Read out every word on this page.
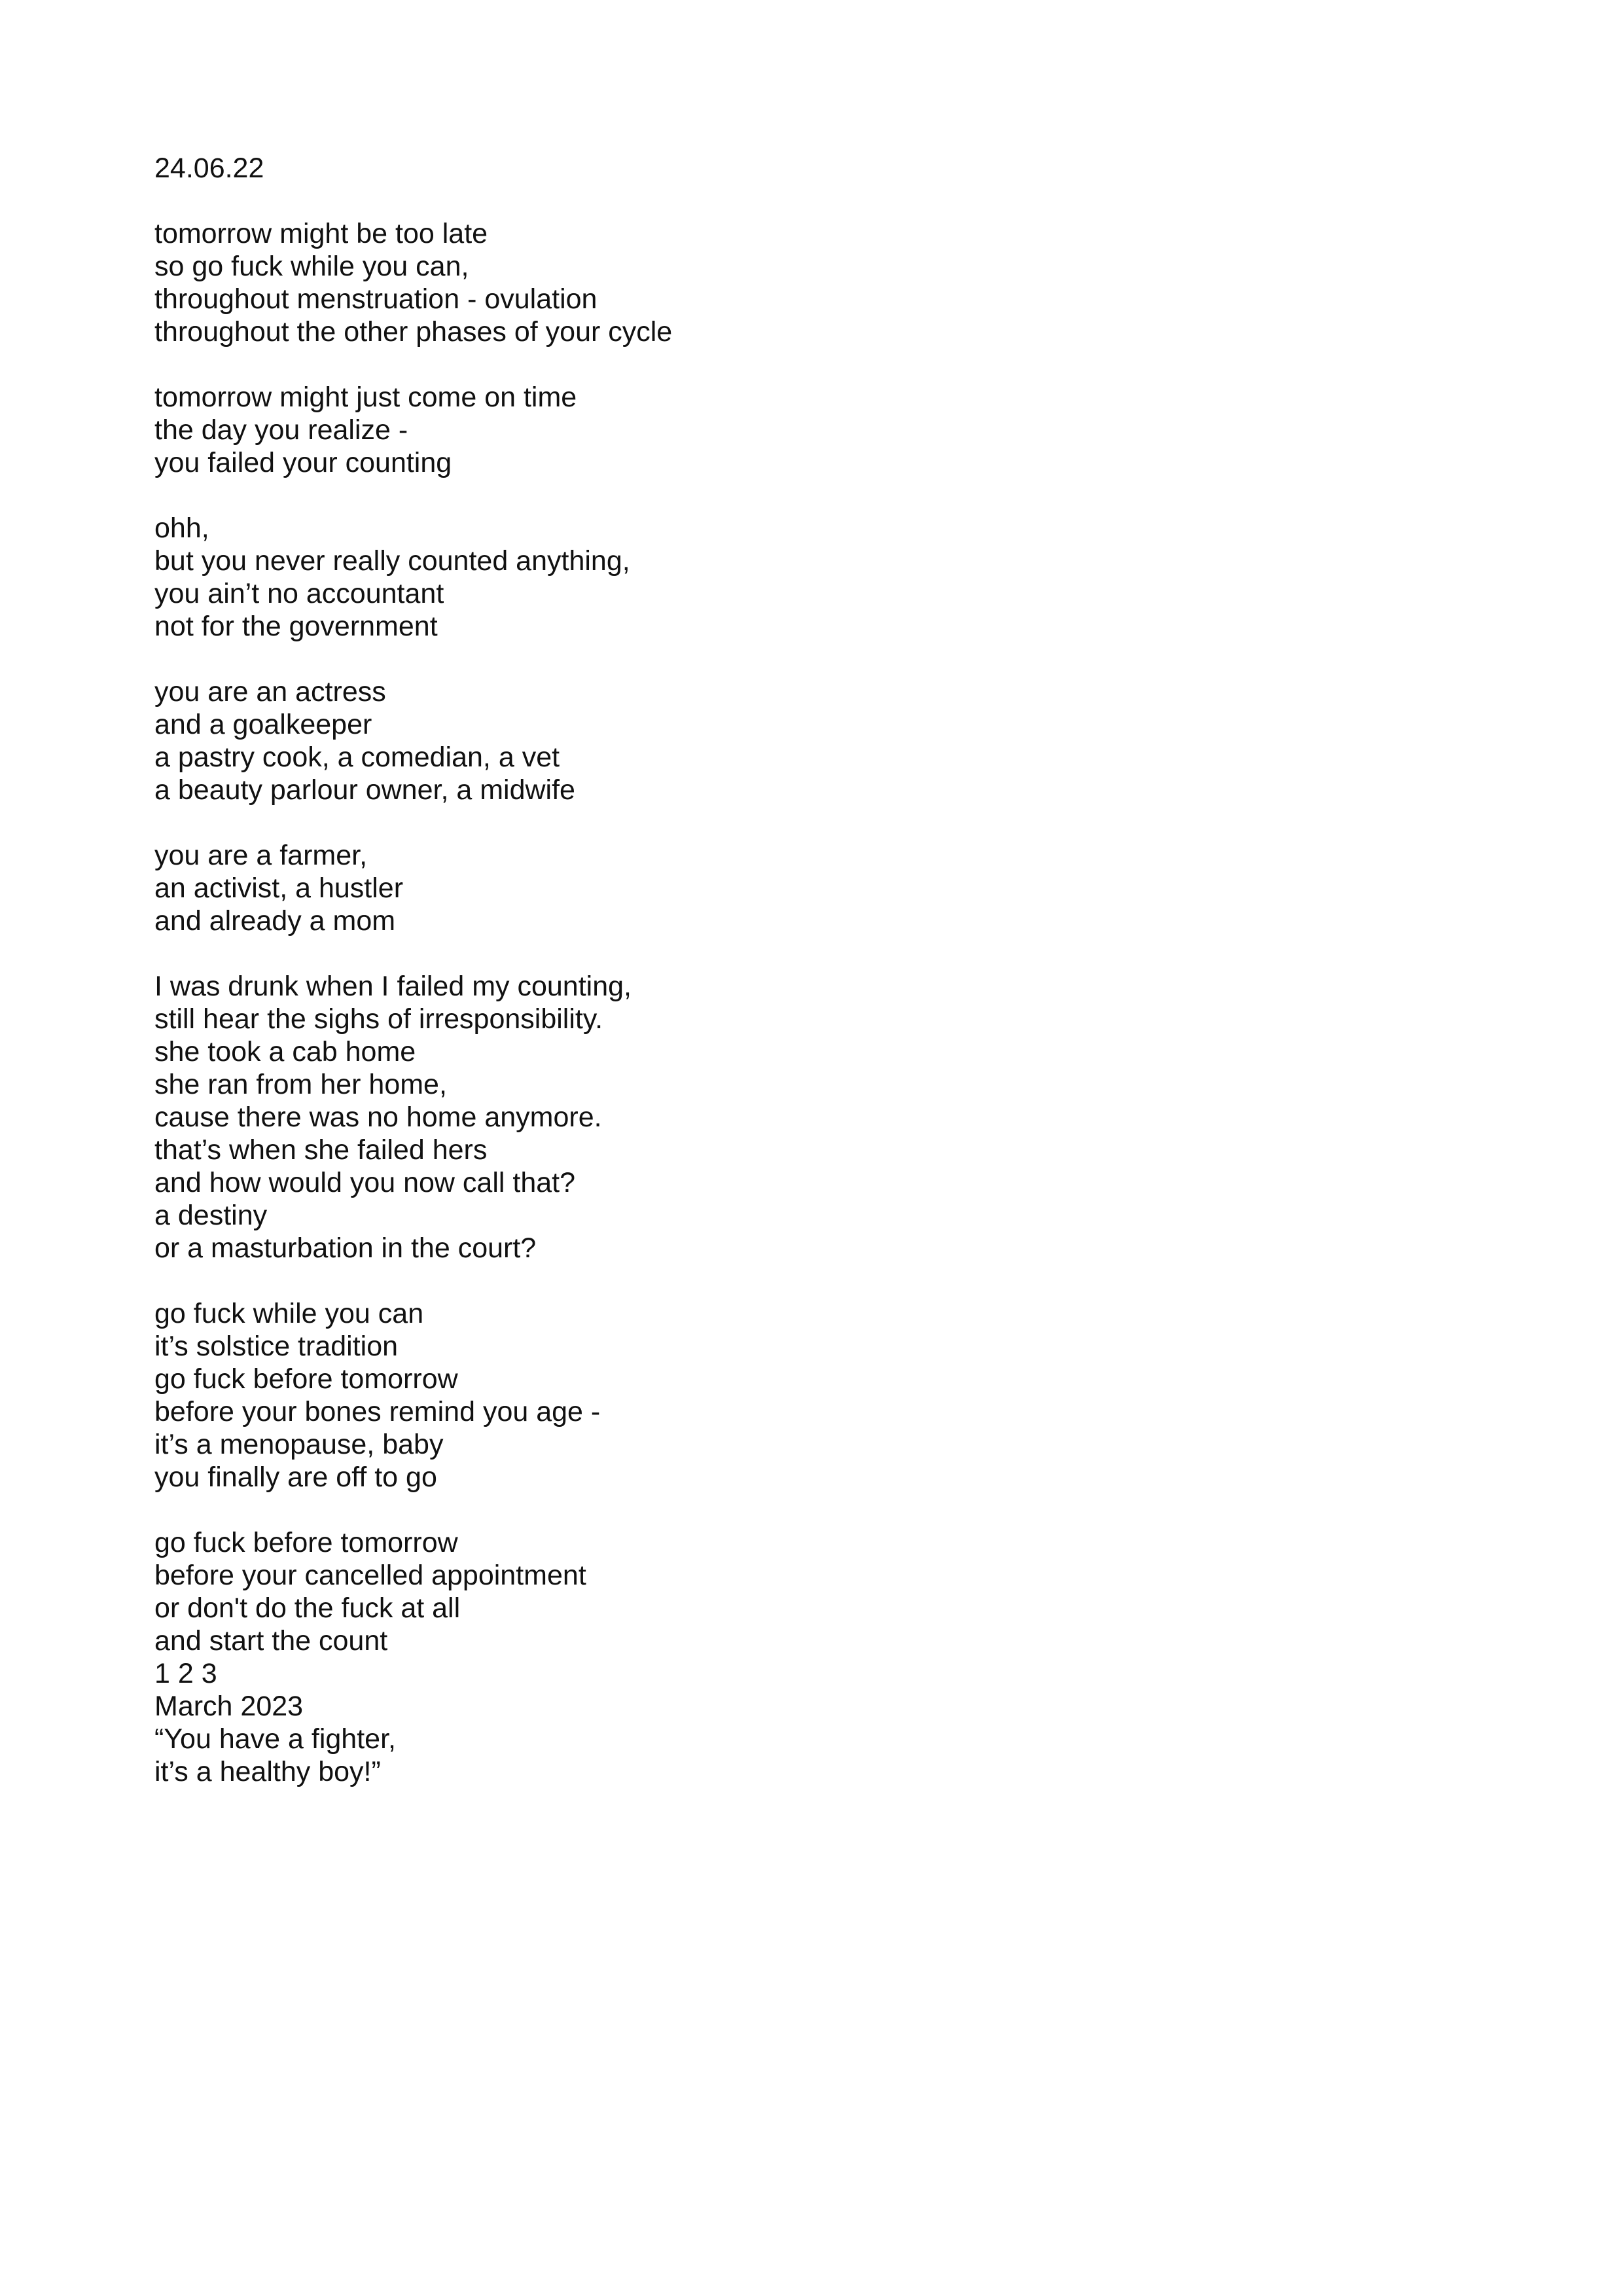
24.06.22
tomorrow might be too late
so go fuck while you can,
throughout menstruation - ovulation
throughout the other phases of your cycle
tomorrow might just come on time
the day you realize -
you failed your counting
ohh,
but you never really counted anything,
you ain’t no accountant
not for the government
you are an actress
and a goalkeeper
a pastry cook, a comedian, a vet
a beauty parlour owner, a midwife
you are a farmer,
an activist, a hustler
and already a mom
I was drunk when I failed my counting,
still hear the sighs of irresponsibility.
she took a cab home
she ran from her home,
cause there was no home anymore.
that’s when she failed hers
and how would you now call that?
a destiny
or a masturbation in the court?
go fuck while you can
it’s solstice tradition
go fuck before tomorrow
before your bones remind you age -
it’s a menopause, baby
you finally are off to go
go fuck before tomorrow
before your cancelled appointment
or don't do the fuck at all
and start the count
1 2 3
March 2023
“You have a fighter,
it’s a healthy boy!”
